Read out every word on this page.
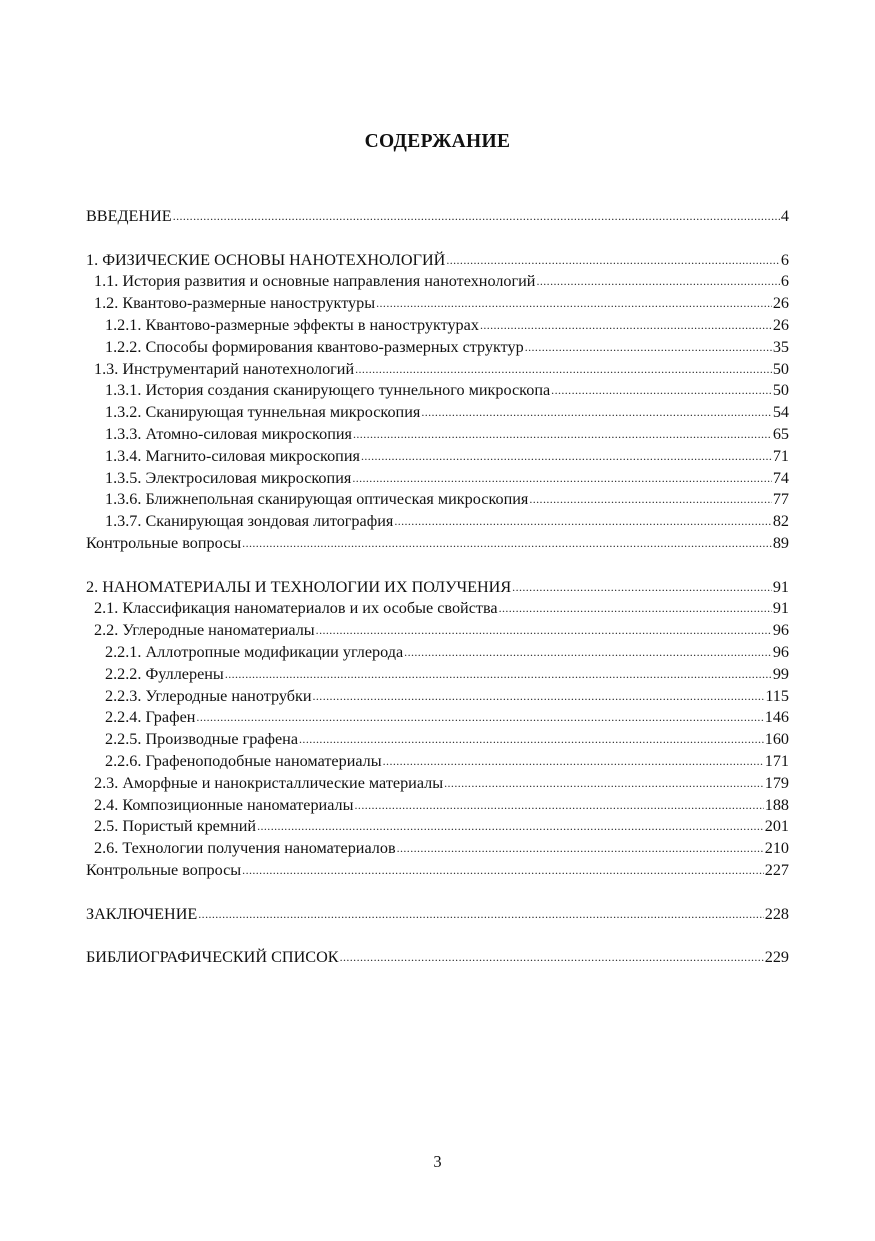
СОДЕРЖАНИЕ
ВВЕДЕНИЕ .....	4
1. ФИЗИЧЕСКИЕ ОСНОВЫ НАНОТЕХНОЛОГИЙ .....	6
1.1. История развития и основные направления нанотехнологий .....	6
1.2. Квантово-размерные наноструктуры .....	26
1.2.1. Квантово-размерные эффекты в наноструктурах .....	26
1.2.2. Способы формирования квантово-размерных структур .....	35
1.3. Инструментарий нанотехнологий .....	50
1.3.1. История создания сканирующего туннельного микроскопа .....	50
1.3.2. Сканирующая туннельная микроскопия .....	54
1.3.3. Атомно-силовая микроскопия .....	65
1.3.4. Магнито-силовая микроскопия .....	71
1.3.5. Электросиловая микроскопия .....	74
1.3.6. Ближнепольная сканирующая оптическая микроскопия .....	77
1.3.7. Сканирующая зондовая литография .....	82
Контрольные вопросы .....	89
2. НАНОМАТЕРИАЛЫ И ТЕХНОЛОГИИ ИХ ПОЛУЧЕНИЯ .....	91
2.1. Классификация наноматериалов и их особые свойства .....	91
2.2. Углеродные наноматериалы .....	96
2.2.1. Аллотропные модификации углерода .....	96
2.2.2. Фуллерены .....	99
2.2.3. Углеродные нанотрубки .....	115
2.2.4. Графен .....	146
2.2.5. Производные графена .....	160
2.2.6. Графеноподобные наноматериалы .....	171
2.3. Аморфные и нанокристаллические материалы .....	179
2.4. Композиционные наноматериалы .....	188
2.5. Пористый кремний .....	201
2.6. Технологии получения наноматериалов .....	210
Контрольные вопросы .....	227
ЗАКЛЮЧЕНИЕ .....	228
БИБЛИОГРАФИЧЕСКИЙ СПИСОК .....	229
3
